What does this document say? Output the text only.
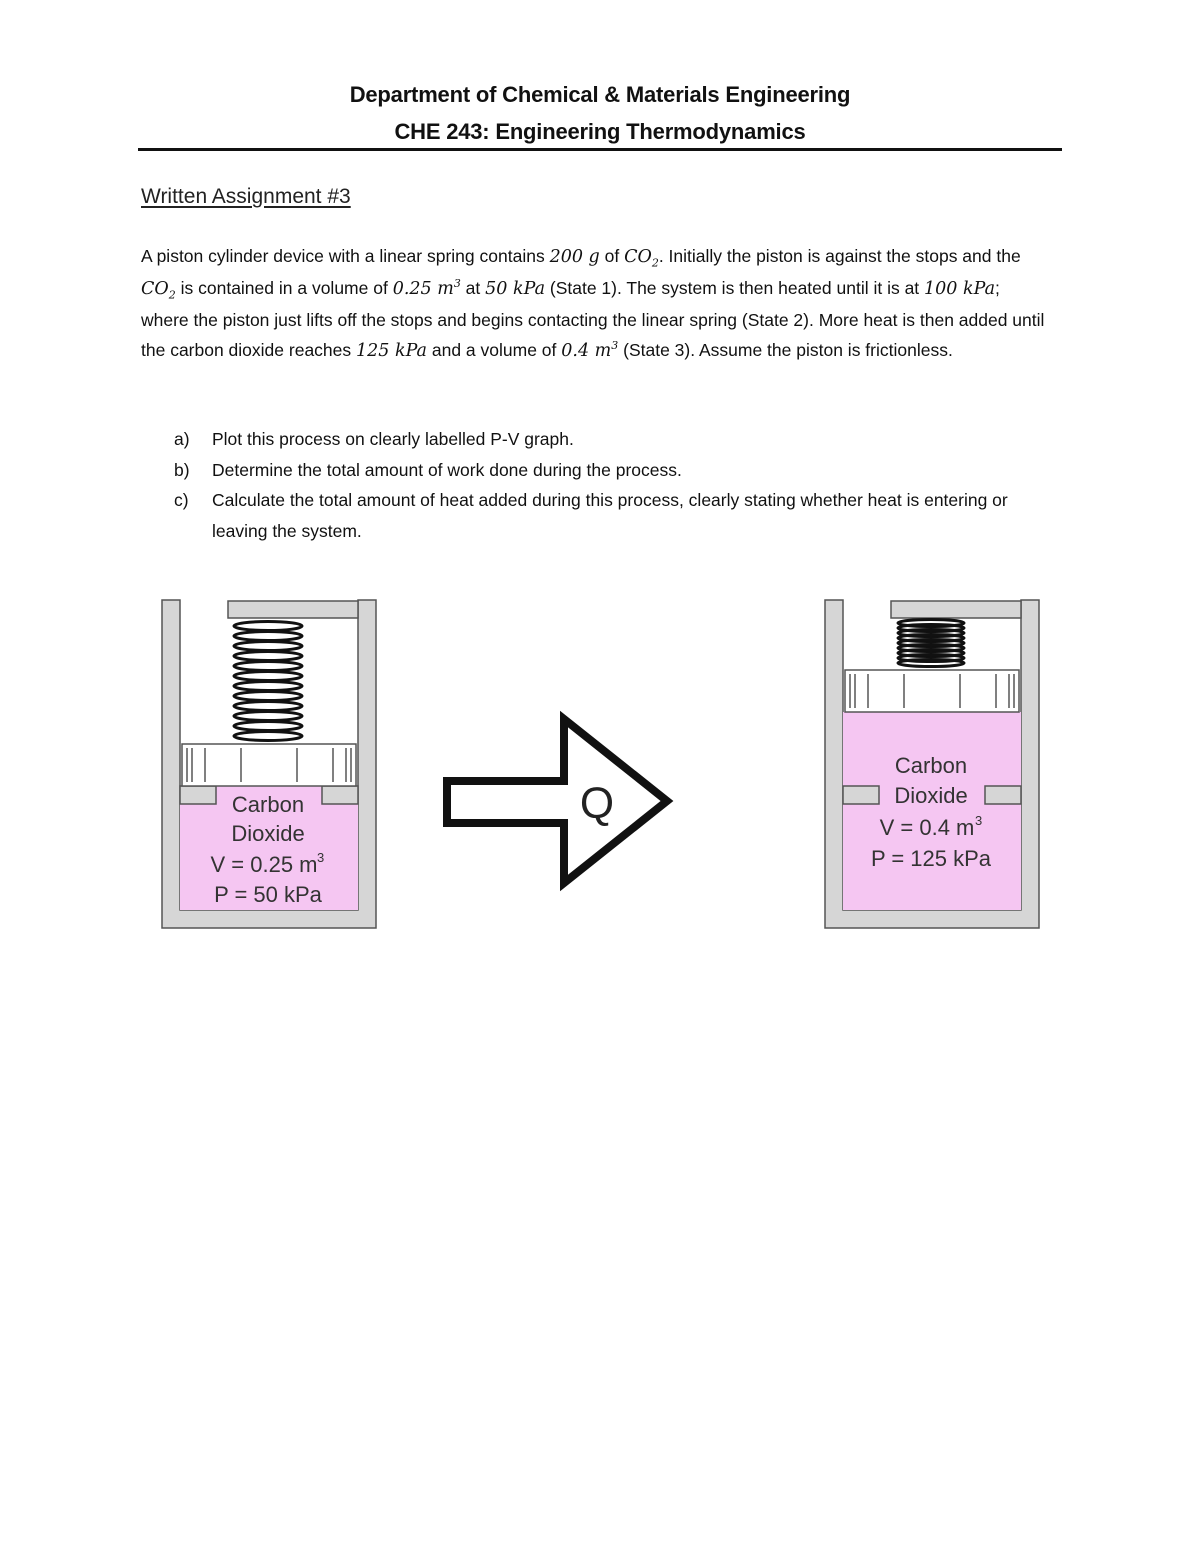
Department of Chemical & Materials Engineering
CHE 243: Engineering Thermodynamics
Written Assignment #3
A piston cylinder device with a linear spring contains 200 g of $CO_2$. Initially the piston is against the stops and the $CO_2$ is contained in a volume of 0.25 $m^3$ at 50 kPa (State 1). The system is then heated until it is at 100 kPa; where the piston just lifts off the stops and begins contacting the linear spring (State 2). More heat is then added until the carbon dioxide reaches 125 kPa and a volume of 0.4 $m^3$ (State 3). Assume the piston is frictionless.
a)	Plot this process on clearly labelled P-V graph.
b)	Determine the total amount of work done during the process.
c)	Calculate the total amount of heat added during this process, clearly stating whether heat is entering or leaving the system.
Carbon
Dioxide
V = 0.25 m 3
P = 50 kPa
Q
Carbon
Dioxide
V = 0.4 m 3
P = 125 kPa
